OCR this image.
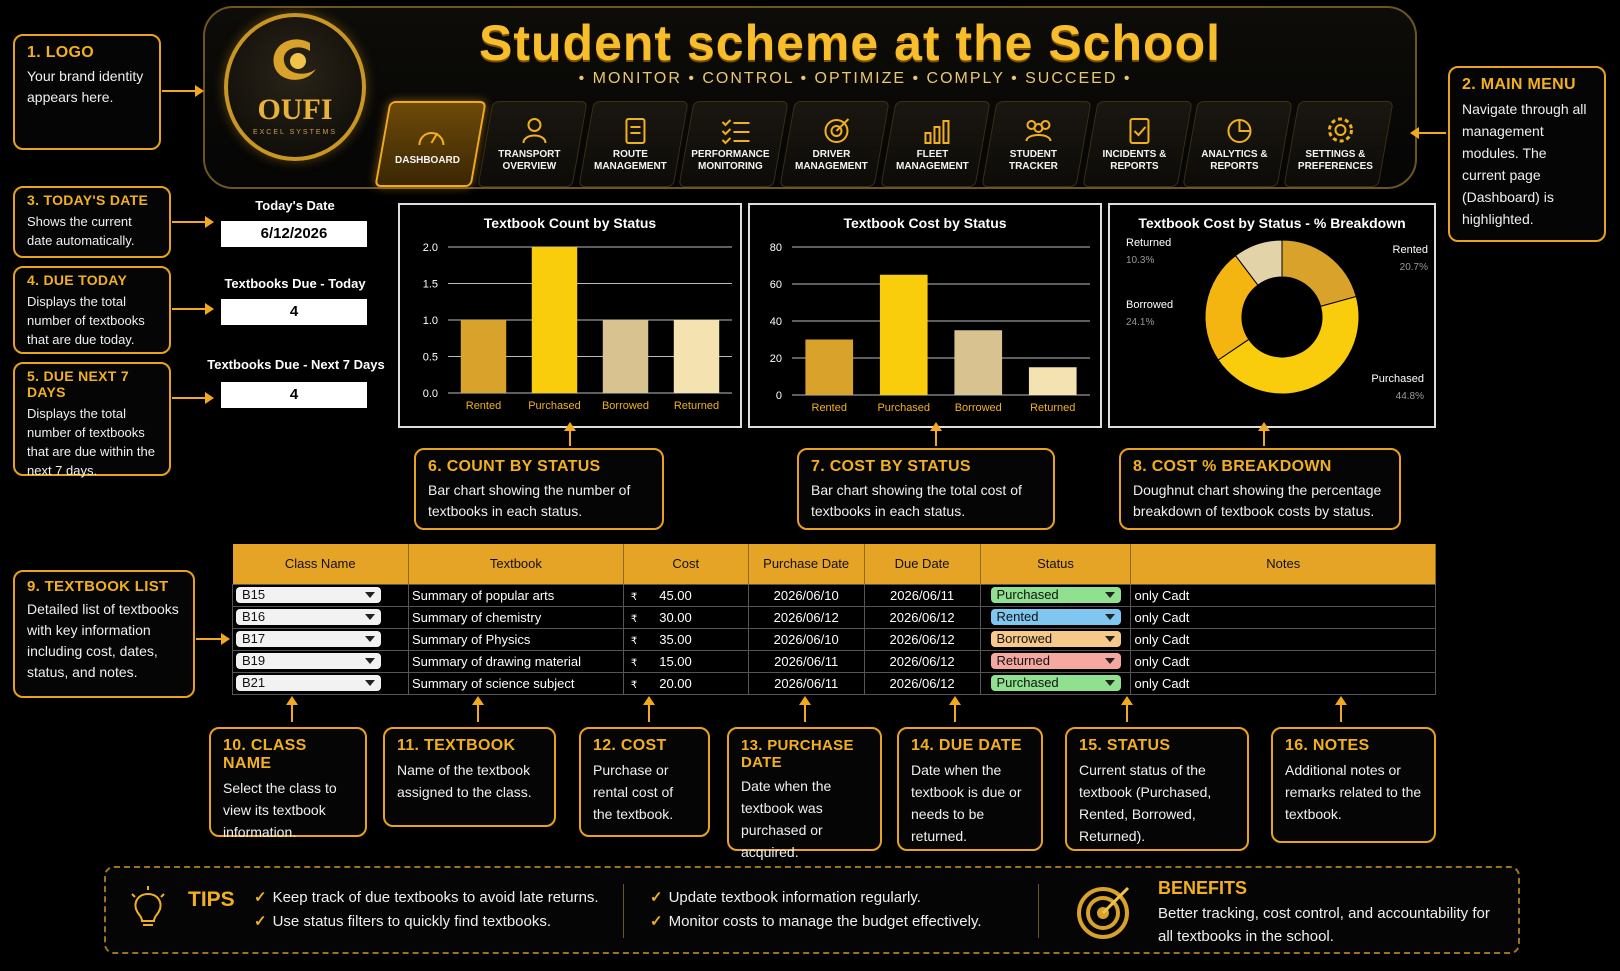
OUFI
EXCEL SYSTEMS
Student scheme at the School
• MONITOR • CONTROL • OPTIMIZE • COMPLY • SUCCEED •
DASHBOARD
TRANSPORT OVERVIEW
ROUTE MANAGEMENT
PERFORMANCE MONITORING
DRIVER MANAGEMENT
FLEET MANAGEMENT
STUDENT TRACKER
INCIDENTS & REPORTS
ANALYTICS & REPORTS
SETTINGS & PREFERENCES
1. LOGO
Your brand identity appears here.
3. TODAY'S DATE
Shows the current date automatically.
4. DUE TODAY
Displays the total number of textbooks that are due today.
5. DUE NEXT 7 DAYS
Displays the total number of textbooks that are due within the next 7 days.
2. MAIN MENU
Navigate through all management modules. The current page (Dashboard) is highlighted.
Today's Date
6/12/2026
Textbooks Due - Today
4
Textbooks Due - Next 7 Days
4
Textbook Count by Status
0.0
0.5
1.0
1.5
2.0
Rented Purchased Borrowed Returned
Textbook Cost by Status
0
20
40
60
80
Rented	Purchased Borrowed	Returned
Textbook Cost by Status - % Breakdown
Rented
20.7%
Purchased
44.8%
Borrowed
24.1%
Returned
10.3%
6. COUNT BY STATUS
Bar chart showing the number of textbooks in each status.
7. COST BY STATUS
Bar chart showing the total cost of textbooks in each status.
8. COST % BREAKDOWN
Doughnut chart showing the percentage breakdown of textbook costs by status.
9. TEXTBOOK LIST
Detailed list of textbooks with key information including cost, dates, status, and notes.
Class Name	Textbook	Cost	Purchase Date	Due Date	Status	Notes
B15	Summary of popular arts	₹ 45.00	2026/06/10	2026/06/11	Purchased	only Cadt
B16	Summary of chemistry	₹ 30.00	2026/06/12	2026/06/12	Rented	only Cadt
B17	Summary of Physics	₹ 35.00	2026/06/10	2026/06/12	Borrowed	only Cadt
B19	Summary of drawing material	₹ 15.00	2026/06/11	2026/06/12	Returned	only Cadt
B21	Summary of science subject	₹ 20.00	2026/06/11	2026/06/12	Purchased	only Cadt
10. CLASS NAME
Select the class to view its textbook information.
11. TEXTBOOK
Name of the textbook assigned to the class.
12. COST
Purchase or rental cost of the textbook.
13. PURCHASE DATE
Date when the textbook was purchased or acquired.
14. DUE DATE
Date when the textbook is due or needs to be returned.
15. STATUS
Current status of the textbook (Purchased, Rented, Borrowed, Returned).
16. NOTES
Additional notes or remarks related to the textbook.
TIPS ✓ Keep track of due textbooks to avoid late returns.
✓ Use status filters to quickly find textbooks.
✓ Update textbook information regularly.
✓ Monitor costs to manage the budget effectively.
BENEFITS
Better tracking, cost control, and accountability for all textbooks in the school.
